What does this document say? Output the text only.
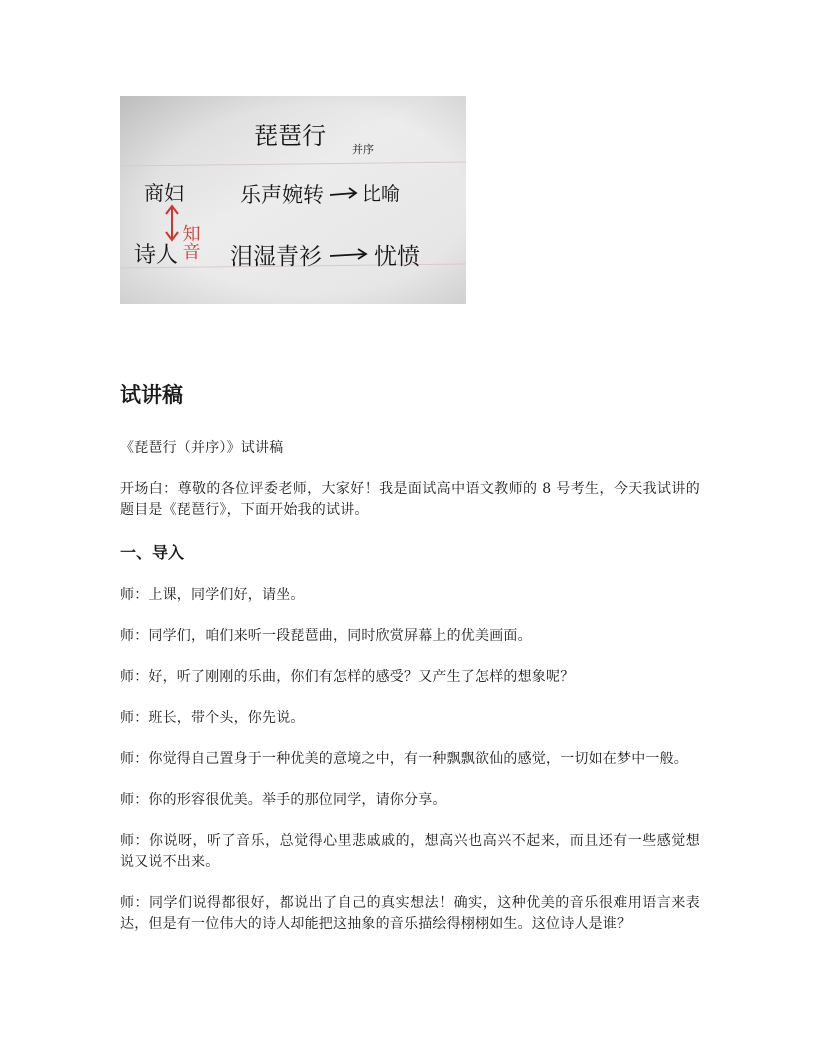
琵琶行 并序
商妇
知音
诗人
乐声婉转 比喻
泪湿青衫 忧愤
试讲稿

《琵琶行（并序）》试讲稿

开场白：尊敬的各位评委老师，大家好！我是面试高中语文教师的 8 号考生，今天我试讲的题目是《琵琶行》，下面开始我的试讲。

一、导入

师：上课，同学们好，请坐。

师：同学们，咱们来听一段琵琶曲，同时欣赏屏幕上的优美画面。

师：好，听了刚刚的乐曲，你们有怎样的感受？又产生了怎样的想象呢？

师：班长，带个头，你先说。

师：你觉得自己置身于一种优美的意境之中，有一种飘飘欲仙的感觉，一切如在梦中一般。

师：你的形容很优美。举手的那位同学，请你分享。

师：你说呀，听了音乐，总觉得心里悲戚戚的，想高兴也高兴不起来，而且还有一些感觉想说又说不出来。

师：同学们说得都很好，都说出了自己的真实想法！确实，这种优美的音乐很难用语言来表达，但是有一位伟大的诗人却能把这抽象的音乐描绘得栩栩如生。这位诗人是谁？
